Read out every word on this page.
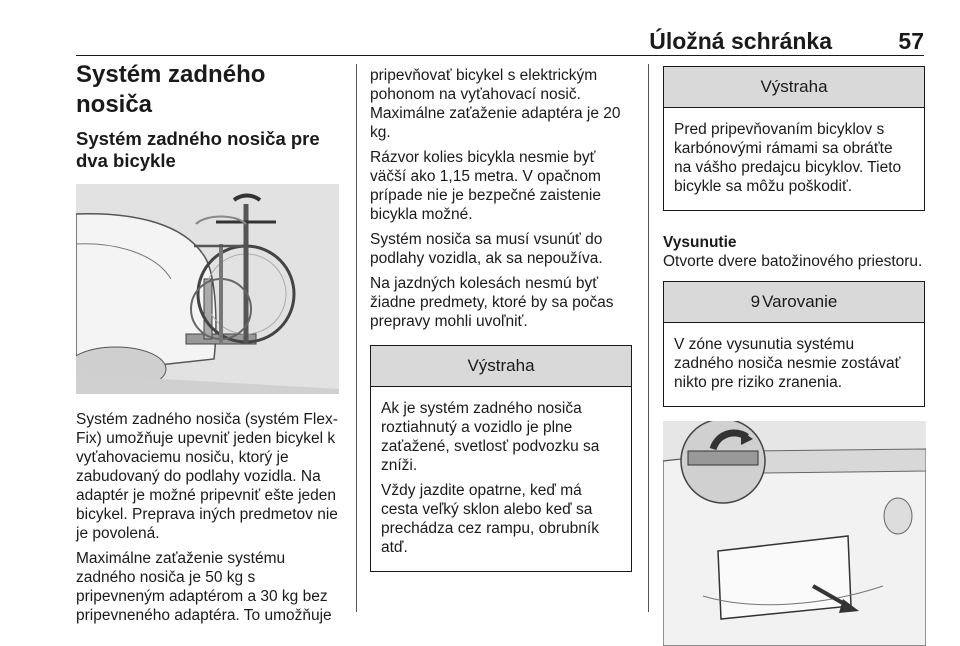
Úložná schránka	57
Systém zadného nosiča
Systém zadného nosiča pre dva bicykle

Systém zadného nosiča (systém Flex-Fix) umožňuje upevniť jeden bicykel k vyťahovaciemu nosiču, ktorý je zabudovaný do podlahy vozidla. Na adaptér je možné pripevniť ešte jeden bicykel. Preprava iných predmetov nie je povolená.

Maximálne zaťaženie systému zadného nosiča je 50 kg s pripevneným adaptérom a 30 kg bez pripevneného adaptéra. To umožňuje

pripevňovať bicykel s elektrickým pohonom na vyťahovací nosič. Maximálne zaťaženie adaptéra je 20 kg.

Rázvor kolies bicykla nesmie byť väčší ako 1,15 metra. V opačnom prípade nie je bezpečné zaistenie bicykla možné.

Systém nosiča sa musí vsunúť do podlahy vozidla, ak sa nepoužíva.

Na jazdných kolesách nesmú byť žiadne predmety, ktoré by sa počas prepravy mohli uvoľniť.

Výstraha

Ak je systém zadného nosiča roztiahnutý a vozidlo je plne zaťažené, svetlosť podvozku sa zníži.

Vždy jazdite opatrne, keď má cesta veľký sklon alebo keď sa prechádza cez rampu, obrubník atď.

Výstraha

Pred pripevňovaním bicyklov s karbónovými rámami sa obráťte na vášho predajcu bicyklov. Tieto bicykle sa môžu poškodiť.

Vysunutie

Otvorte dvere batožinového priestoru.

9 Varovanie

V zóne vysunutia systému zadného nosiča nesmie zostávať nikto pre riziko zranenia.
